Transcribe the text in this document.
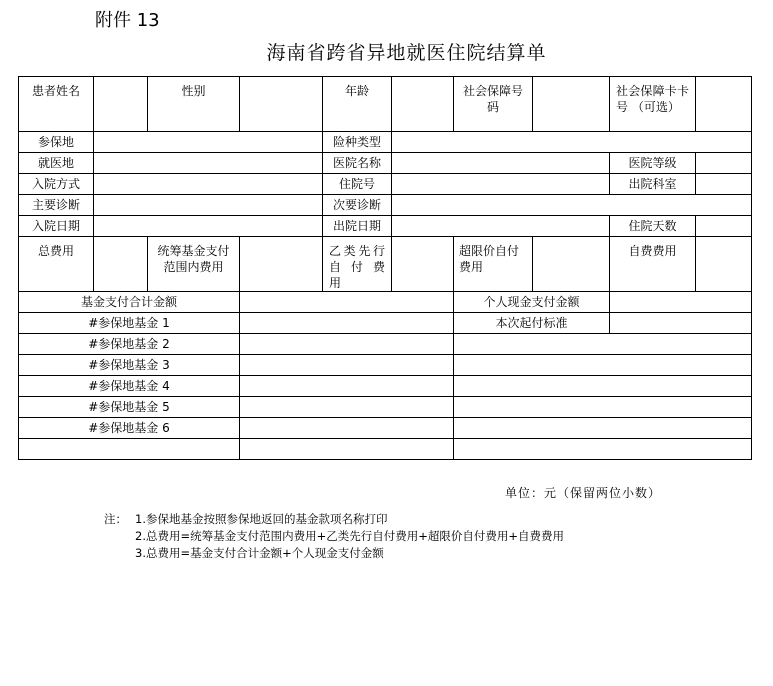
附件 13
海南省跨省异地就医住院结算单
患者姓名		性别		年龄		社会保障号码		社会保障卡卡 号 （可选）	
参保地				险种类型					
就医地				医院名称				医院等级	
入院方式				住院号				出院科室	
主要诊断				次要诊断					
入院日期				出院日期				住院天数	
总费用		统筹基金支付范围内费用		乙类先行自 付 费 用		超限价自付费用		自费费用	
基金支付合计金额						个人现金支付金额			
#参保地基金 1						本次起付标准			
#参保地基金 2									
#参保地基金 3									
#参保地基金 4									
#参保地基金 5									
#参保地基金 6									

单位：元（保留两位小数）
注： 1.参保地基金按照参保地返回的基金款项名称打印
2.总费用=统筹基金支付范围内费用+乙类先行自付费用+超限价自付费用+自费费用
3.总费用=基金支付合计金额+个人现金支付金额
